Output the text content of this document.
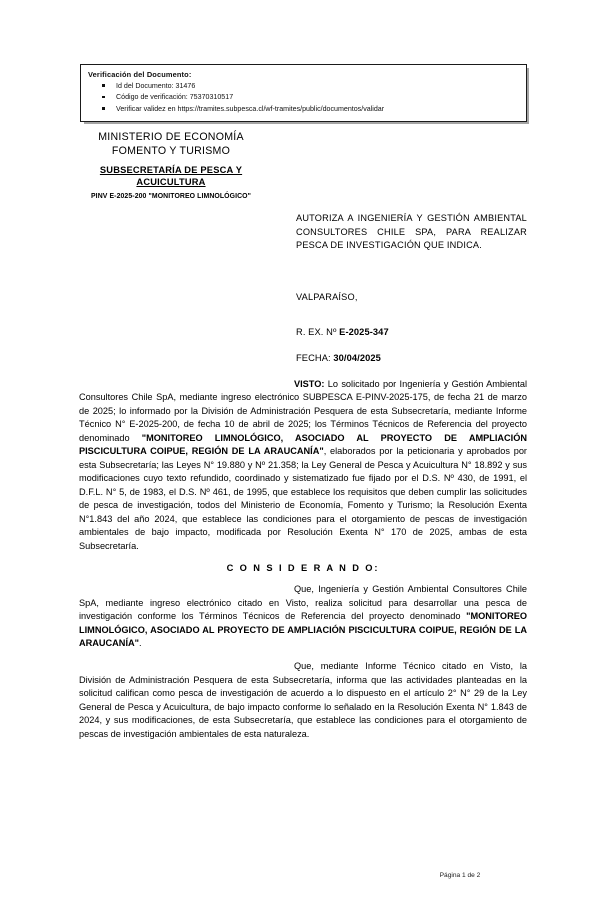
Verificación del Documento:
Id del Documento: 31476
Código de verificación: 75370310517
Verificar validez en https://tramites.subpesca.cl/wf-tramites/public/documentos/validar
MINISTERIO DE ECONOMÍA
FOMENTO Y TURISMO
SUBSECRETARÍA DE PESCA Y
ACUICULTURA
PINV E-2025-200 "MONITOREO LIMNOLÓGICO"
AUTORIZA A INGENIERÍA Y GESTIÓN AMBIENTAL CONSULTORES CHILE SPA, PARA REALIZAR PESCA DE INVESTIGACIÓN QUE INDICA.
VALPARAÍSO,
R. EX. Nº E-2025-347
FECHA: 30/04/2025

VISTO: Lo solicitado por Ingeniería y Gestión Ambiental Consultores Chile SpA, mediante ingreso electrónico SUBPESCA E-PINV-2025-175, de fecha 21 de marzo de 2025; lo informado por la División de Administración Pesquera de esta Subsecretaría, mediante Informe Técnico N° E-2025-200, de fecha 10 de abril de 2025; los Términos Técnicos de Referencia del proyecto denominado "MONITOREO LIMNOLÓGICO, ASOCIADO AL PROYECTO DE AMPLIACIÓN PISCICULTURA COIPUE, REGIÓN DE LA ARAUCANÍA", elaborados por la peticionaria y aprobados por esta Subsecretaría; las Leyes N° 19.880 y Nº 21.358; la Ley General de Pesca y Acuicultura N° 18.892 y sus modificaciones cuyo texto refundido, coordinado y sistematizado fue fijado por el D.S. Nº 430, de 1991, el D.F.L. N° 5, de 1983, el D.S. Nº 461, de 1995, que establece los requisitos que deben cumplir las solicitudes de pesca de investigación, todos del Ministerio de Economía, Fomento y Turismo; la Resolución Exenta N°1.843 del año 2024, que establece las condiciones para el otorgamiento de pescas de investigación ambientales de bajo impacto, modificada por Resolución Exenta N° 170 de 2025, ambas de esta Subsecretaría.

C O N S I D E R A N D O:

Que, Ingeniería y Gestión Ambiental Consultores Chile SpA, mediante ingreso electrónico citado en Visto, realiza solicitud para desarrollar una pesca de investigación conforme los Términos Técnicos de Referencia del proyecto denominado "MONITOREO LIMNOLÓGICO, ASOCIADO AL PROYECTO DE AMPLIACIÓN PISCICULTURA COIPUE, REGIÓN DE LA ARAUCANÍA".

Que, mediante Informe Técnico citado en Visto, la División de Administración Pesquera de esta Subsecretaría, informa que las actividades planteadas en la solicitud califican como pesca de investigación de acuerdo a lo dispuesto en el artículo 2° N° 29 de la Ley General de Pesca y Acuicultura, de bajo impacto conforme lo señalado en la Resolución Exenta N° 1.843 de 2024, y sus modificaciones, de esta Subsecretaría, que establece las condiciones para el otorgamiento de pescas de investigación ambientales de esta naturaleza.

Página 1 de 2
